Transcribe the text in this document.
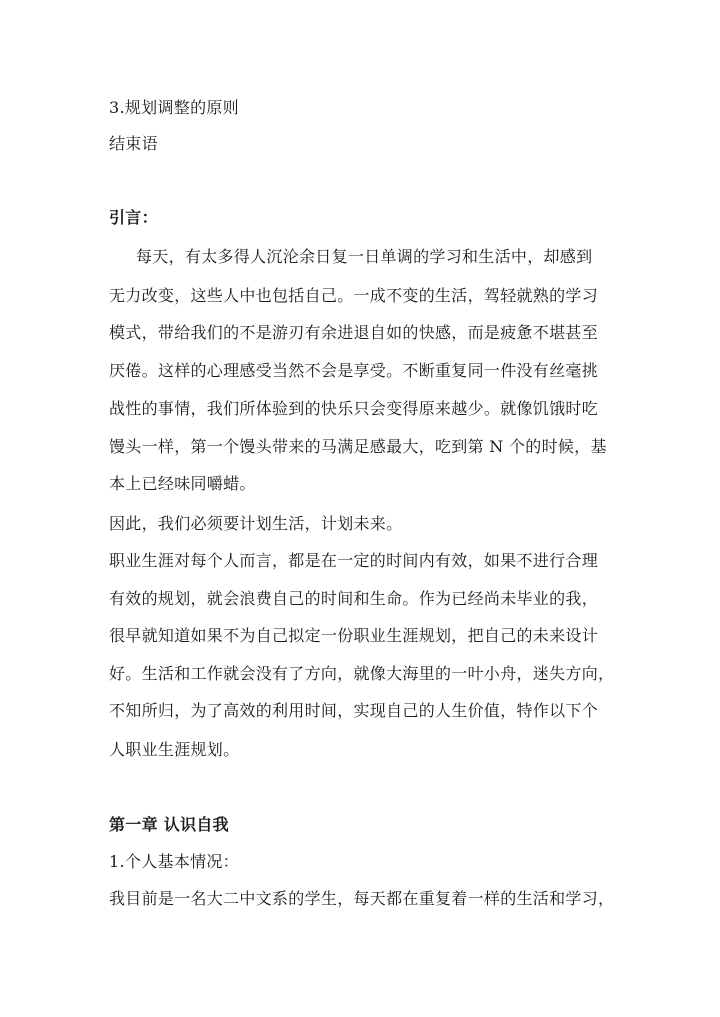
3.规划调整的原则
结束语
引言：
每天，有太多得人沉沦余日复一日单调的学习和生活中，却感到
无力改变，这些人中也包括自己。一成不变的生活，驾轻就熟的学习
模式，带给我们的不是游刃有余进退自如的快感，而是疲惫不堪甚至
厌倦。这样的心理感受当然不会是享受。不断重复同一件没有丝毫挑
战性的事情，我们所体验到的快乐只会变得原来越少。就像饥饿时吃
馒头一样，第一个馒头带来的马满足感最大，吃到第 N 个的时候，基
本上已经味同嚼蜡。
因此，我们必须要计划生活，计划未来。
职业生涯对每个人而言，都是在一定的时间内有效，如果不进行合理
有效的规划，就会浪费自己的时间和生命。作为已经尚未毕业的我，
很早就知道如果不为自己拟定一份职业生涯规划，把自己的未来设计
好。生活和工作就会没有了方向，就像大海里的一叶小舟，迷失方向，
不知所归，为了高效的利用时间，实现自己的人生价值，特作以下个
人职业生涯规划。
第一章 认识自我
1.个人基本情况：
我目前是一名大二中文系的学生，每天都在重复着一样的生活和学习，
